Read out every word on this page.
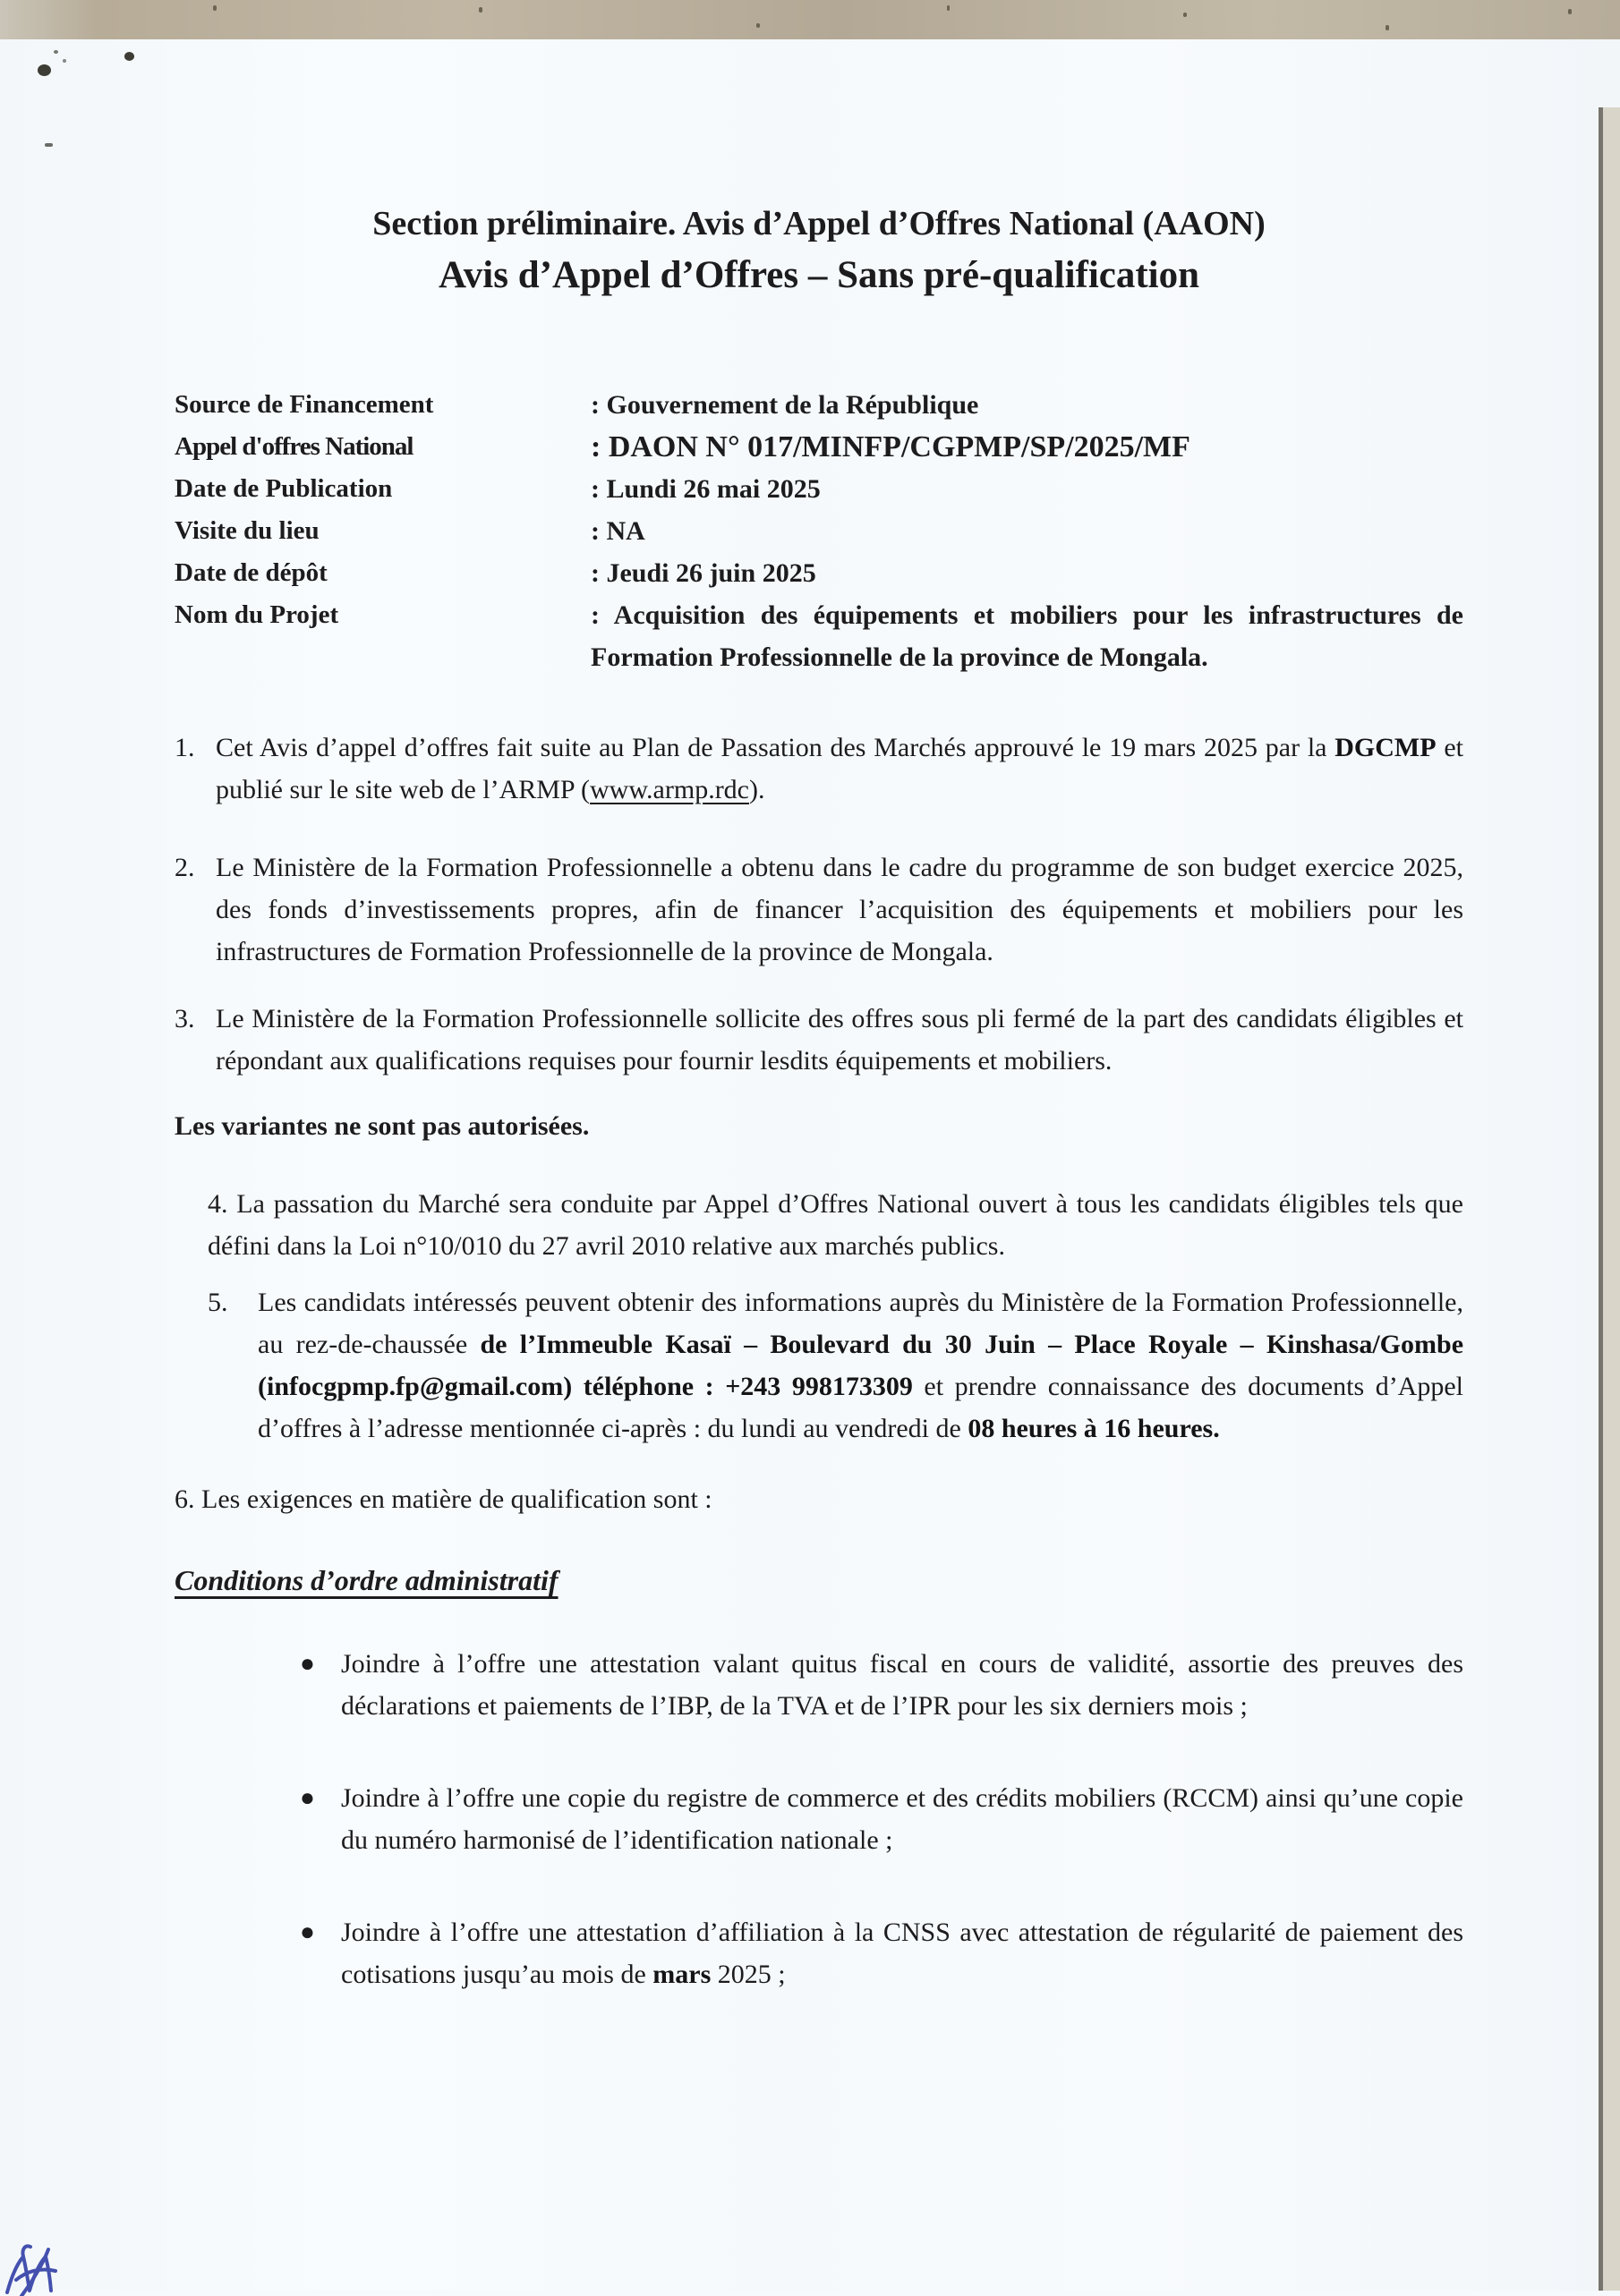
Section préliminaire. Avis d’Appel d’Offres National (AAON)
Avis d’Appel d’Offres – Sans pré-qualification
Source de Financement	: Gouvernement de la République
Appel d'offres National	: DAON N° 017/MINFP/CGPMP/SP/2025/MF
Date de Publication	: Lundi 26 mai 2025
Visite du lieu	: NA
Date de dépôt	: Jeudi 26 juin 2025
Nom du Projet	: Acquisition des équipements et mobiliers pour les infrastructures de Formation Professionnelle de la province de Mongala.
1. Cet Avis d’appel d’offres fait suite au Plan de Passation des Marchés approuvé le 19 mars 2025 par la DGCMP et publié sur le site web de l’ARMP (www.armp.rdc).
2. Le Ministère de la Formation Professionnelle a obtenu dans le cadre du programme de son budget exercice 2025, des fonds d’investissements propres, afin de financer l’acquisition des équipements et mobiliers pour les infrastructures de Formation Professionnelle de la province de Mongala.
3. Le Ministère de la Formation Professionnelle sollicite des offres sous pli fermé de la part des candidats éligibles et répondant aux qualifications requises pour fournir lesdits équipements et mobiliers.
Les variantes ne sont pas autorisées.
4. La passation du Marché sera conduite par Appel d’Offres National ouvert à tous les candidats éligibles tels que défini dans la Loi n°10/010 du 27 avril 2010 relative aux marchés publics.
5. Les candidats intéressés peuvent obtenir des informations auprès du Ministère de la Formation Professionnelle, au rez-de-chaussée de l’Immeuble Kasaï – Boulevard du 30 Juin – Place Royale – Kinshasa/Gombe (infocgpmp.fp@gmail.com) téléphone : +243 998173309 et prendre connaissance des documents d’Appel d’offres à l’adresse mentionnée ci-après : du lundi au vendredi de 08 heures à 16 heures.
6. Les exigences en matière de qualification sont :
Conditions d’ordre administratif
● Joindre à l’offre une attestation valant quitus fiscal en cours de validité, assortie des preuves des déclarations et paiements de l’IBP, de la TVA et de l’IPR pour les six derniers mois ;
● Joindre à l’offre une copie du registre de commerce et des crédits mobiliers (RCCM) ainsi qu’une copie du numéro harmonisé de l’identification nationale ;
● Joindre à l’offre une attestation d’affiliation à la CNSS avec attestation de régularité de paiement des cotisations jusqu’au mois de mars 2025 ;
